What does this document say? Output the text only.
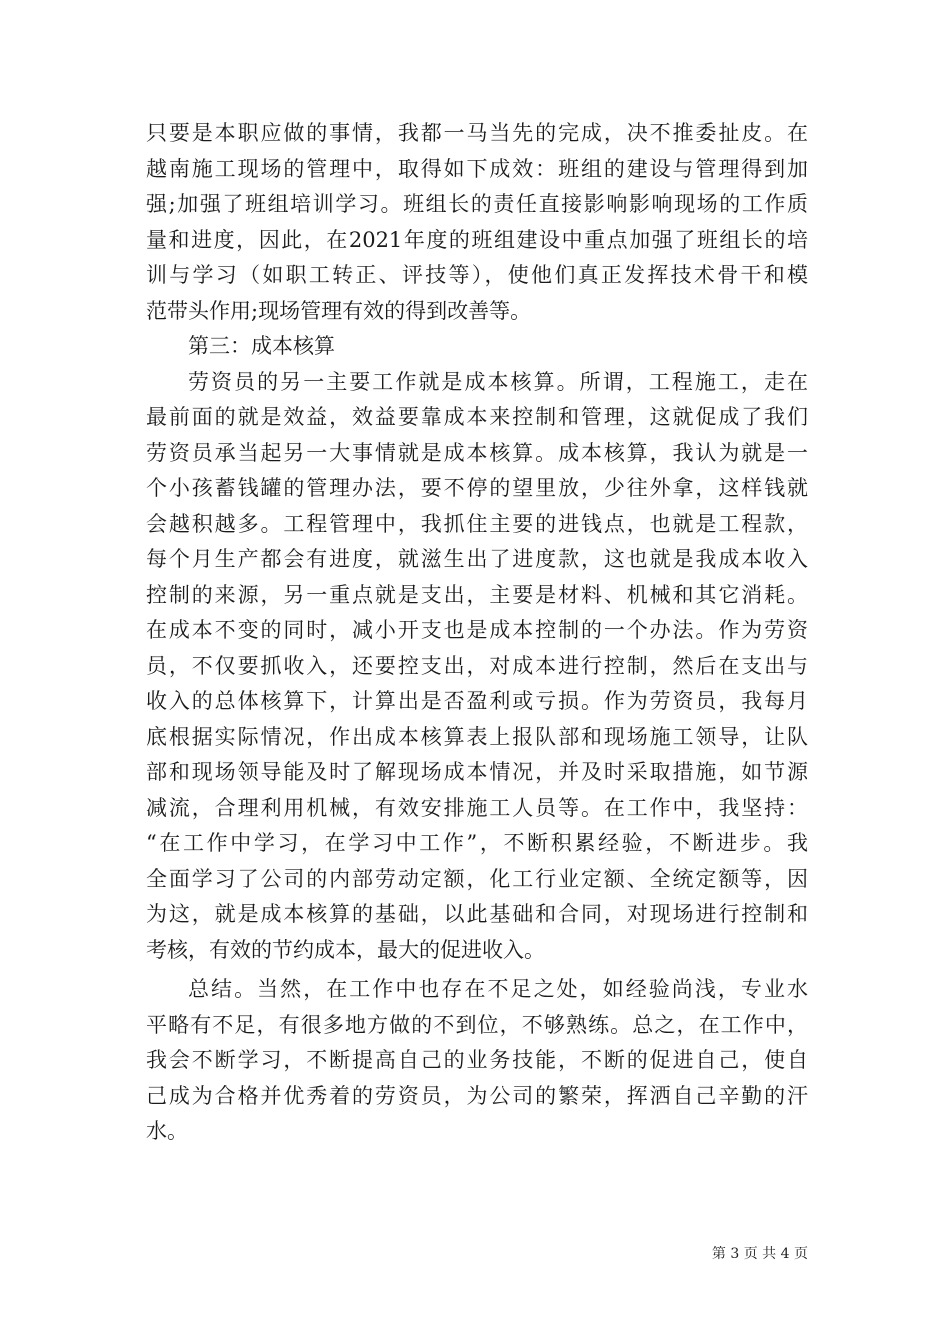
只要是本职应做的事情，我都一马当先的完成，决不推委扯皮。在
越南施工现场的管理中，取得如下成效：班组的建设与管理得到加
强;加强了班组培训学习。班组长的责任直接影响影响现场的工作质
量和进度，因此，在2021年度的班组建设中重点加强了班组长的培
训与学习（如职工转正、评技等），使他们真正发挥技术骨干和模
范带头作用;现场管理有效的得到改善等。
第三：成本核算
劳资员的另一主要工作就是成本核算。所谓，工程施工，走在
最前面的就是效益，效益要靠成本来控制和管理，这就促成了我们
劳资员承当起另一大事情就是成本核算。成本核算，我认为就是一
个小孩蓄钱罐的管理办法，要不停的望里放，少往外拿，这样钱就
会越积越多。工程管理中，我抓住主要的进钱点，也就是工程款，
每个月生产都会有进度，就滋生出了进度款，这也就是我成本收入
控制的来源，另一重点就是支出，主要是材料、机械和其它消耗。
在成本不变的同时，减小开支也是成本控制的一个办法。作为劳资
员，不仅要抓收入，还要控支出，对成本进行控制，然后在支出与
收入的总体核算下，计算出是否盈利或亏损。作为劳资员，我每月
底根据实际情况，作出成本核算表上报队部和现场施工领导，让队
部和现场领导能及时了解现场成本情况，并及时采取措施，如节源
减流，合理利用机械，有效安排施工人员等。在工作中，我坚持：
“在工作中学习，在学习中工作”，不断积累经验，不断进步。我
全面学习了公司的内部劳动定额，化工行业定额、全统定额等，因
为这，就是成本核算的基础，以此基础和合同，对现场进行控制和
考核，有效的节约成本，最大的促进收入。
总结。当然，在工作中也存在不足之处，如经验尚浅，专业水
平略有不足，有很多地方做的不到位，不够熟练。总之，在工作中，
我会不断学习，不断提高自己的业务技能，不断的促进自己，使自
己成为合格并优秀着的劳资员，为公司的繁荣，挥洒自己辛勤的汗
水。
第 3 页 共 4 页
